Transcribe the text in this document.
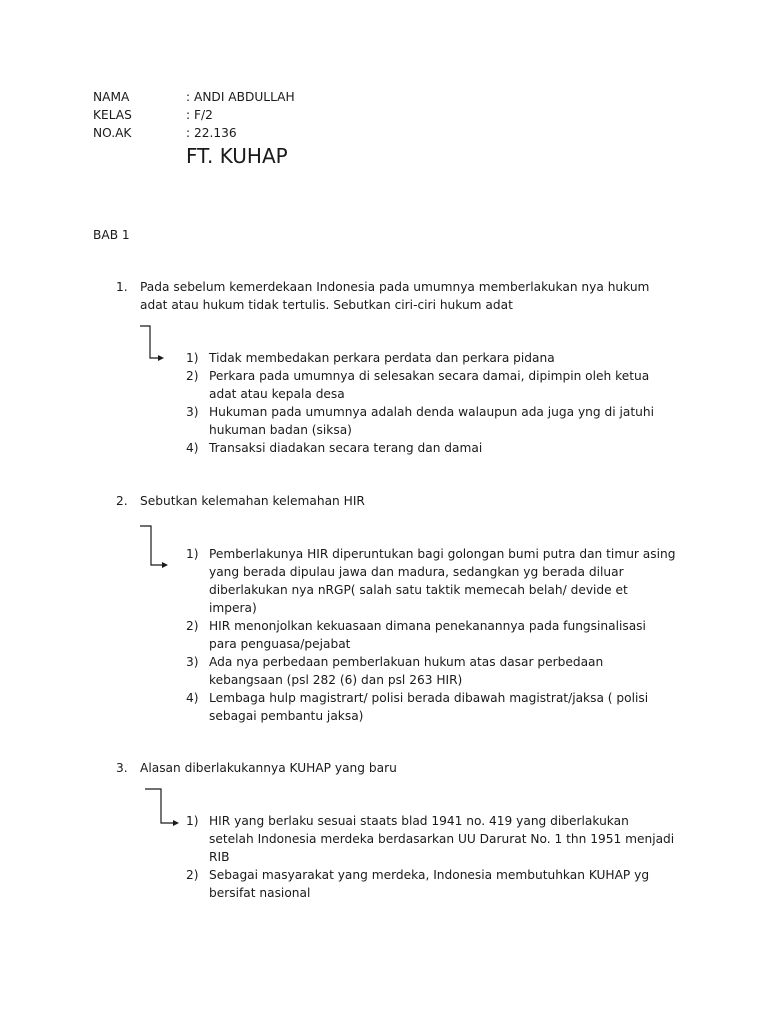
NAMA	: ANDI ABDULLAH
KELAS	: F/2
NO.AK	: 22.136
FT. KUHAP
BAB 1
1. Pada sebelum kemerdekaan Indonesia pada umumnya memberlakukan nya hukum adat atau hukum tidak tertulis. Sebutkan ciri-ciri hukum adat
1) Tidak membedakan perkara perdata dan perkara pidana
2) Perkara pada umumnya di selesakan secara damai, dipimpin oleh ketua adat atau kepala desa
3) Hukuman pada umumnya adalah denda walaupun ada juga yng di jatuhi hukuman badan (siksa)
4) Transaksi diadakan secara terang dan damai
2. Sebutkan kelemahan kelemahan HIR
1) Pemberlakunya HIR diperuntukan bagi golongan bumi putra dan timur asing yang berada dipulau jawa dan madura, sedangkan yg berada diluar diberlakukan nya nRGP( salah satu taktik memecah belah/ devide et impera)
2) HIR menonjolkan kekuasaan dimana penekanannya pada fungsinalisasi para penguasa/pejabat
3) Ada nya perbedaan pemberlakuan hukum atas dasar perbedaan kebangsaan (psl 282 (6) dan psl 263 HIR)
4) Lembaga hulp magistrart/ polisi berada dibawah magistrat/jaksa ( polisi sebagai pembantu jaksa)
3. Alasan diberlakukannya KUHAP yang baru
1) HIR yang berlaku sesuai staats blad 1941 no. 419 yang diberlakukan setelah Indonesia merdeka berdasarkan UU Darurat No. 1 thn 1951 menjadi RIB
2) Sebagai masyarakat yang merdeka, Indonesia membutuhkan KUHAP yg bersifat nasional
